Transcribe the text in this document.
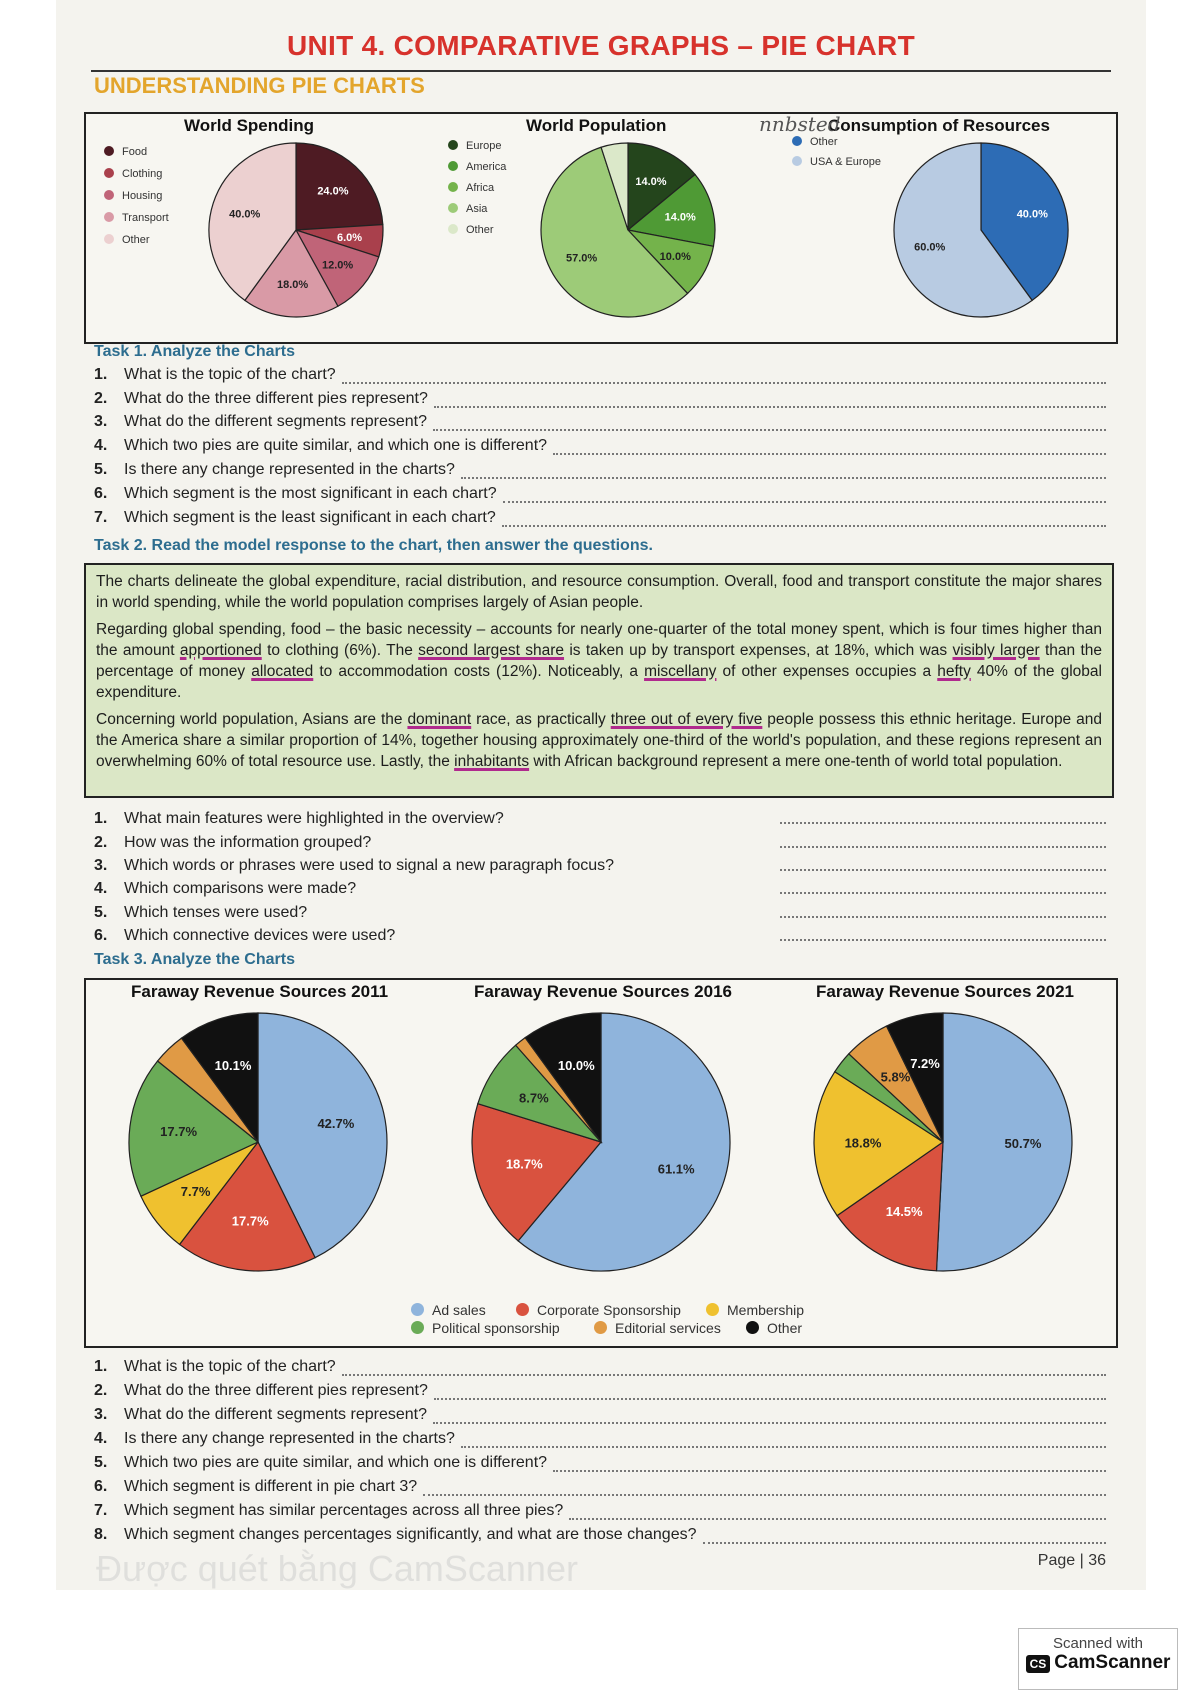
UNIT 4. COMPARATIVE GRAPHS – PIE CHART
UNDERSTANDING PIE CHARTS
World Spending	World Population	Consumption of Resources
Food
Clothing
Housing
Transport
Other
Europe
America
Africa
Asia
Other
Other
USA & Europe
24.0%
6.0%
12.0%
18.0%
40.0%
14.0%
14.0%
10.0%
57.0%
40.0%
60.0%
nnbsted
Task 1. Analyze the Charts
1.	What is the topic of the chart?
2.	What do the three different pies represent?
3.	What do the different segments represent?
4.	Which two pies are quite similar, and which one is different?
5.	Is there any change represented in the charts?
6.	Which segment is the most significant in each chart?
7.	Which segment is the least significant in each chart?
Task 2. Read the model response to the chart, then answer the questions.

The charts delineate the global expenditure, racial distribution, and resource consumption. Overall, food and transport constitute the major shares in world spending, while the world population comprises largely of Asian people.

Regarding global spending, food – the basic necessity – accounts for nearly one-quarter of the total money spent, which is four times higher than the amount apportioned to clothing (6%). The second largest share is taken up by transport expenses, at 18%, which was visibly larger than the percentage of money allocated to accommodation costs (12%). Noticeably, a miscellany of other expenses occupies a hefty 40% of the global expenditure.

Concerning world population, Asians are the dominant race, as practically three out of every five people possess this ethnic heritage. Europe and the America share a similar proportion of 14%, together housing approximately one-third of the world's population, and these regions represent an overwhelming 60% of total resource use. Lastly, the inhabitants with African background represent a mere one-tenth of world total population.

1.	What main features were highlighted in the overview?
2.	How was the information grouped?
3.	Which words or phrases were used to signal a new paragraph focus?
4.	Which comparisons were made?
5.	Which tenses were used?
6.	Which connective devices were used?
Task 3. Analyze the Charts
Faraway Revenue Sources 2011	Faraway Revenue Sources 2016	Faraway Revenue Sources 2021
42.7%
17.7%
7.7%
17.7%
10.1%
61.1%
18.7%
8.7%
10.0%
50.7%
14.5%
18.8%
5.8%
7.2%
Ad sales	Corporate Sponsorship	Membership
Political sponsorship	Editorial services	Other
1.	What is the topic of the chart?
2.	What do the three different pies represent?
3.	What do the different segments represent?
4.	Is there any change represented in the charts?
5.	Which two pies are quite similar, and which one is different?
6.	Which segment is different in pie chart 3?
7.	Which segment has similar percentages across all three pies?
8.	Which segment changes percentages significantly, and what are those changes?
Được quét bằng CamScanner	Page | 36
Scanned with
CS CamScanner
